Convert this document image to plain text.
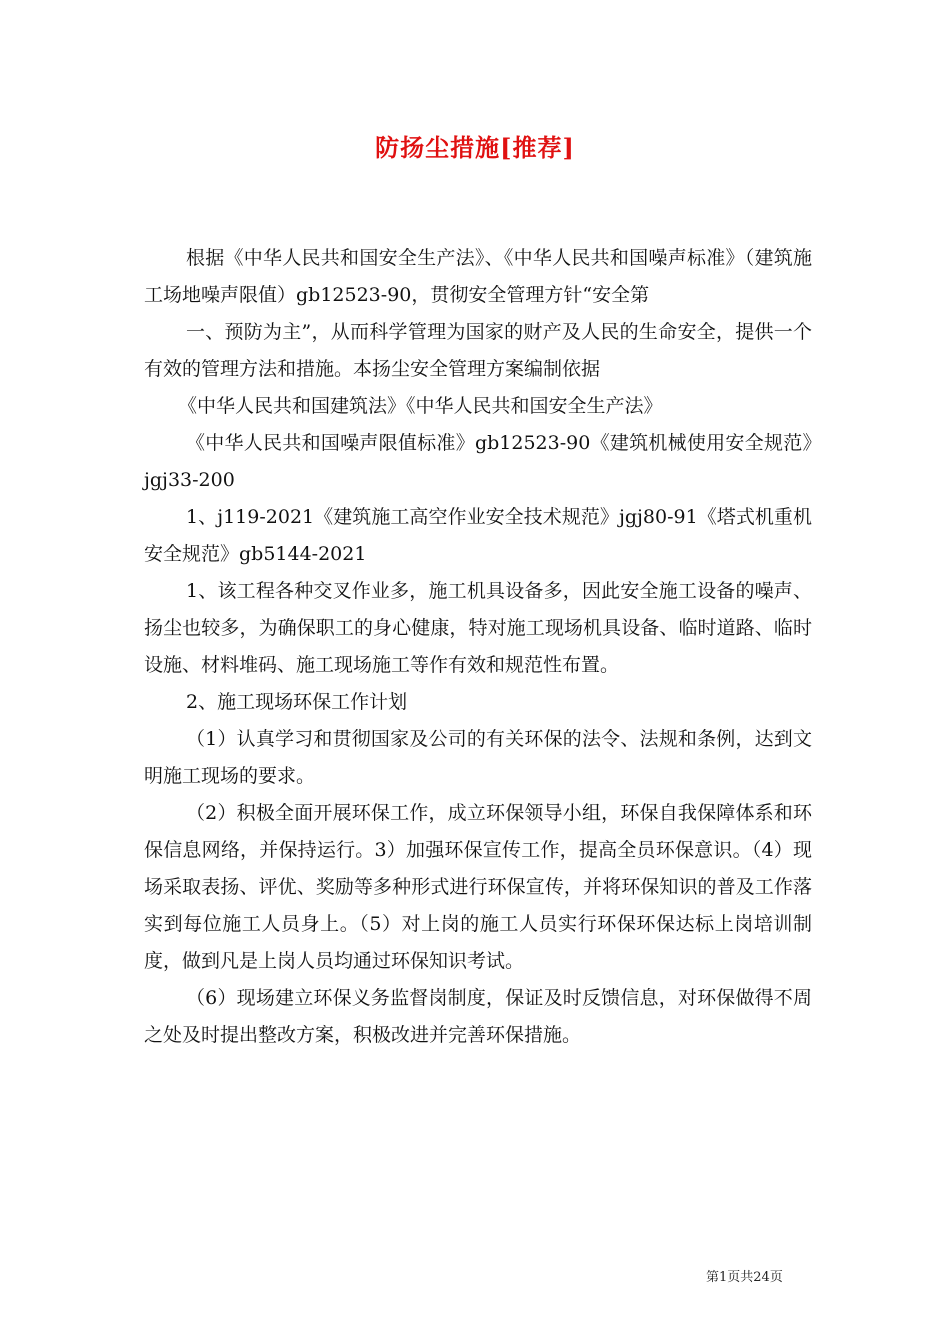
防扬尘措施[推荐]

根据《中华人民共和国安全生产法》、《中华人民共和国噪声标准》（建筑施工场地噪声限值）gb12523-90，贯彻安全管理方针“安全第

一、预防为主”，从而科学管理为国家的财产及人民的生命安全，提供一个有效的管理方法和措施。本扬尘安全管理方案编制依据

《中华人民共和国建筑法》《中华人民共和国安全生产法》

《中华人民共和国噪声限值标准》gb12523-90《建筑机械使用安全规范》jgj33-200

1、j119-2021《建筑施工高空作业安全技术规范》jgj80-91《塔式机重机安全规范》gb5144-2021

1、该工程各种交叉作业多，施工机具设备多，因此安全施工设备的噪声、扬尘也较多，为确保职工的身心健康，特对施工现场机具设备、临时道路、临时设施、材料堆码、施工现场施工等作有效和规范性布置。

2、施工现场环保工作计划

（1）认真学习和贯彻国家及公司的有关环保的法令、法规和条例，达到文明施工现场的要求。

（2）积极全面开展环保工作，成立环保领导小组，环保自我保障体系和环保信息网络，并保持运行。3）加强环保宣传工作，提高全员环保意识。（4）现场采取表扬、评优、奖励等多种形式进行环保宣传，并将环保知识的普及工作落实到每位施工人员身上。（5）对上岗的施工人员实行环保环保达标上岗培训制度，做到凡是上岗人员均通过环保知识考试。

（6）现场建立环保义务监督岗制度，保证及时反馈信息，对环保做得不周之处及时提出整改方案，积极改进并完善环保措施。

第1页共24页
